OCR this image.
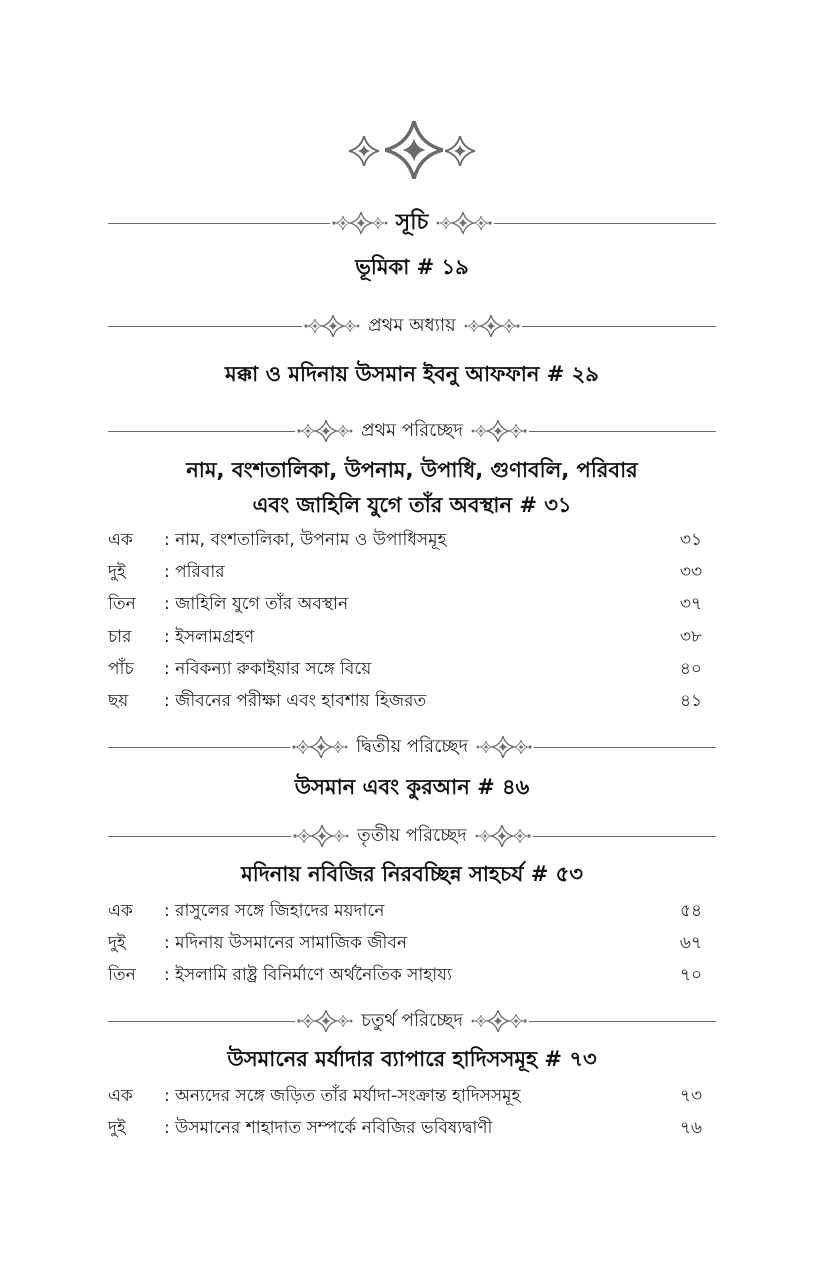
সূচি
ভূমিকা # ১৯
প্রথম অধ্যায়
মক্কা ও মদিনায় উসমান ইবনু আফফান # ২৯
প্রথম পরিচ্ছেদ
নাম, বংশতালিকা, উপনাম, উপাধি, গুণাবলি, পরিবার
এবং জাহিলি যুগে তাঁর অবস্থান # ৩১
এক	: নাম, বংশতালিকা, উপনাম ও উপাধিসমূহ	৩১
দুই	: পরিবার	৩৩
তিন	: জাহিলি যুগে তাঁর অবস্থান	৩৭
চার	: ইসলামগ্রহণ	৩৮
পাঁচ	: নবিকন্যা রুকাইয়ার সঙ্গে বিয়ে	৪০
ছয়	: জীবনের পরীক্ষা এবং হাবশায় হিজরত	৪১
দ্বিতীয় পরিচ্ছেদ
উসমান এবং কুরআন # ৪৬
তৃতীয় পরিচ্ছেদ
মদিনায় নবিজির নিরবচ্ছিন্ন সাহচর্য # ৫৩
এক	: রাসুলের সঙ্গে জিহাদের ময়দানে	৫৪
দুই	: মদিনায় উসমানের সামাজিক জীবন	৬৭
তিন	: ইসলামি রাষ্ট্র বিনির্মাণে অর্থনৈতিক সাহায্য	৭০
চতুর্থ পরিচ্ছেদ
উসমানের মর্যাদার ব্যাপারে হাদিসসমূহ # ৭৩
এক	: অন্যদের সঙ্গে জড়িত তাঁর মর্যাদা-সংক্রান্ত হাদিসসমূহ	৭৩
দুই	: উসমানের শাহাদাত সম্পর্কে নবিজির ভবিষ্যদ্বাণী	৭৬
